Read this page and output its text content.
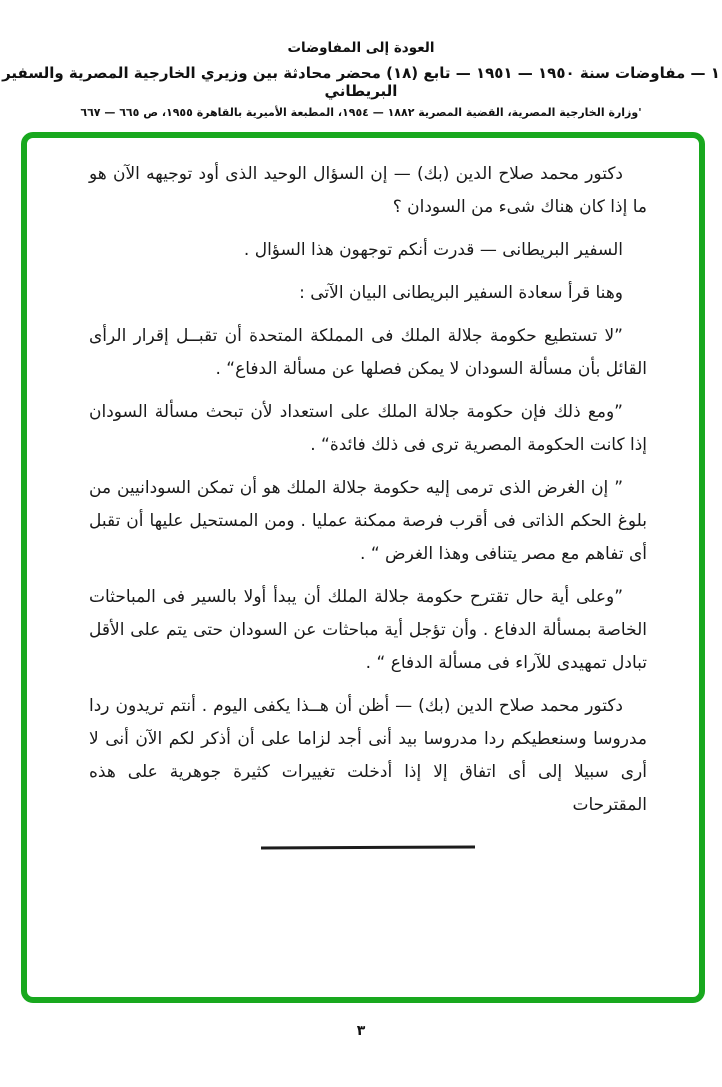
العودة إلى المفاوضات
١ — مفاوضات سنة ١٩٥٠ — ١٩٥١ — تابع (١٨) محضر محادثة بين وزيري الخارجية المصرية والسفير البريطاني
'وزارة الخارجية المصرية، القضية المصرية ١٨٨٢ — ١٩٥٤، المطبعة الأميرية بالقاهرة ١٩٥٥، ص ٦٦٥ — ٦٦٧

دكتور محمد صلاح الدين (بك) — إن السؤال الوحيد الذى أود توجيهه الآن هو ما إذا كان هناك شىء من السودان ؟

السفير البريطانى — قدرت أنكم توجهون هذا السؤال .

وهنا قرأ سعادة السفير البريطانى البيان الآتى :

”لا تستطيع حكومة جلالة الملك فى المملكة المتحدة أن تقبــل إقرار الرأى القائل بأن مسألة السودان لا يمكن فصلها عن مسألة الدفاع“ .

”ومع ذلك فإن حكومة جلالة الملك على استعداد لأن تبحث مسألة السودان إذا كانت الحكومة المصرية ترى فى ذلك فائدة“ .

” إن الغرض الذى ترمى إليه حكومة جلالة الملك هو أن تمكن السودانيين من بلوغ الحكم الذاتى فى أقرب فرصة ممكنة عمليا . ومن المستحيل عليها أن تقبل أى تفاهم مع مصر يتنافى وهذا الغرض “ .

”وعلى أية حال تقترح حكومة جلالة الملك أن يبدأ أولا بالسير فى المباحثات الخاصة بمسألة الدفاع . وأن تؤجل أية مباحثات عن السودان حتى يتم على الأقل تبادل تمهيدى للآراء فى مسألة الدفاع “ .

دكتور محمد صلاح الدين (بك) — أظن أن هــذا يكفى اليوم . أنتم تريدون ردا مدروسا وسنعطيكم ردا مدروسا بيد أنى أجد لزاما على أن أذكر لكم الآن أنى لا أرى سبيلا إلى أى اتفاق إلا إذا أدخلت تغييرات كثيرة جوهرية على هذه المقترحات

٣
